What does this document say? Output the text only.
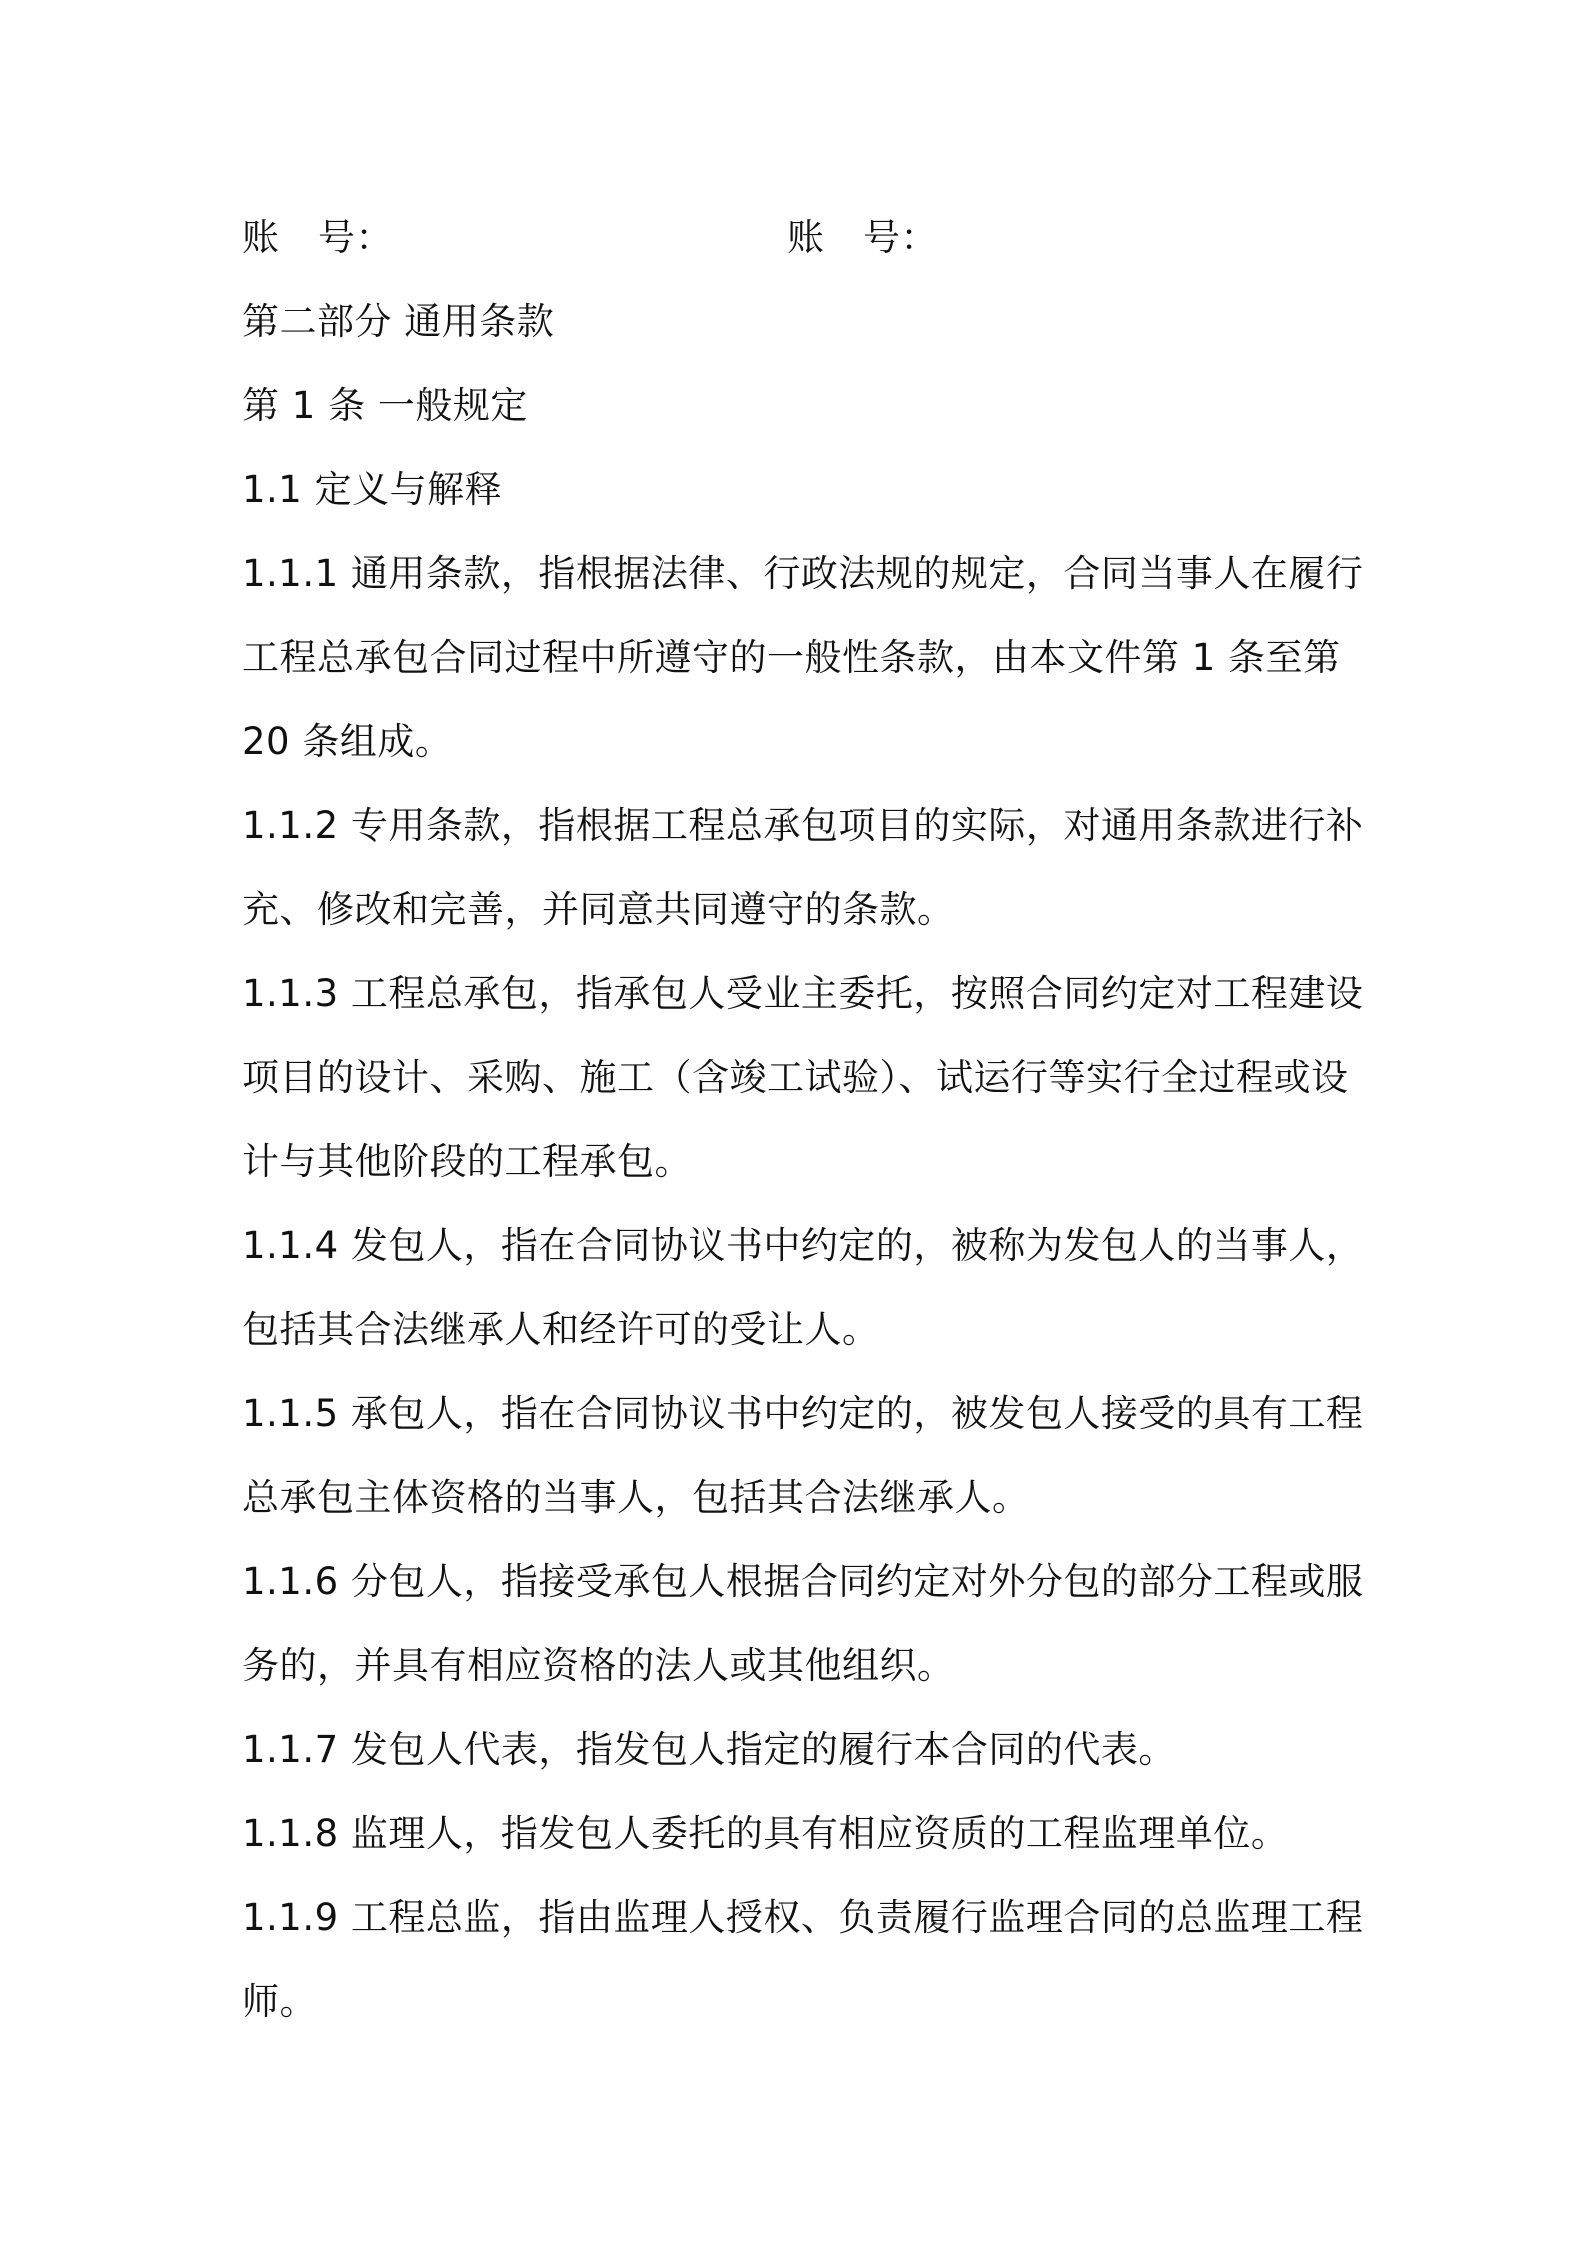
账 号：	账 号：
第二部分 通用条款
第 1 条 一般规定
1.1 定义与解释
1.1.1 通用条款，指根据法律、行政法规的规定，合同当事人在履行
工程总承包合同过程中所遵守的一般性条款，由本文件第 1 条至第
20 条组成。
1.1.2 专用条款，指根据工程总承包项目的实际，对通用条款进行补
充、修改和完善，并同意共同遵守的条款。
1.1.3 工程总承包，指承包人受业主委托，按照合同约定对工程建设
项目的设计、采购、施工（含竣工试验）、试运行等实行全过程或设
计与其他阶段的工程承包。
1.1.4 发包人，指在合同协议书中约定的，被称为发包人的当事人，
包括其合法继承人和经许可的受让人。
1.1.5 承包人，指在合同协议书中约定的，被发包人接受的具有工程
总承包主体资格的当事人，包括其合法继承人。
1.1.6 分包人，指接受承包人根据合同约定对外分包的部分工程或服
务的，并具有相应资格的法人或其他组织。
1.1.7 发包人代表，指发包人指定的履行本合同的代表。
1.1.8 监理人，指发包人委托的具有相应资质的工程监理单位。
1.1.9 工程总监，指由监理人授权、负责履行监理合同的总监理工程
师。
